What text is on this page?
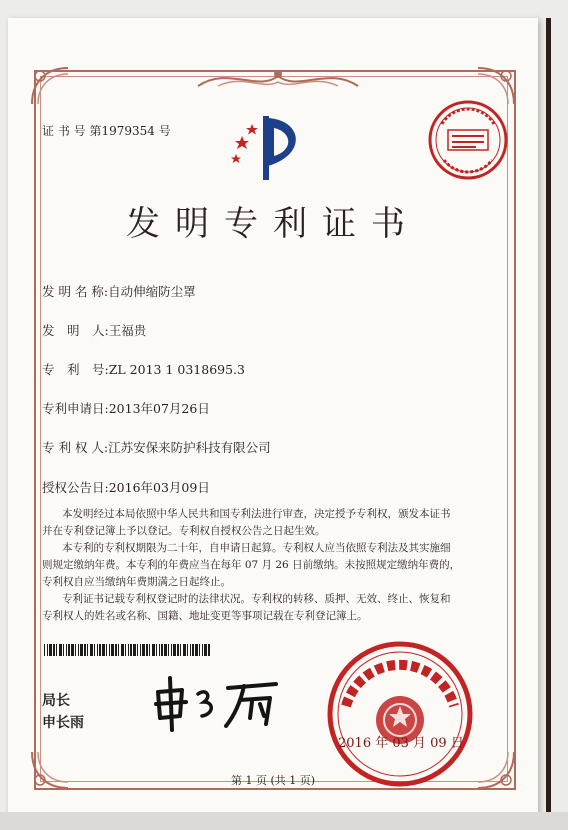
证 书 号 第1979354 号
发明专利证书
发 明 名 称:自动伸缩防尘罩
发　明　人:王福贵
专　利　号:ZL 2013 1 0318695.3
专利申请日:2013年07月26日
专 利 权 人:江苏安保来防护科技有限公司
授权公告日:2016年03月09日
本发明经过本局依照中华人民共和国专利法进行审查，决定授予专利权，颁发本证书
并在专利登记簿上予以登记。专利权自授权公告之日起生效。
本专利的专利权期限为二十年，自申请日起算。专利权人应当依照专利法及其实施细
则规定缴纳年费。本专利的年费应当在每年 07 月 26 日前缴纳。未按照规定缴纳年费的，
专利权自应当缴纳年费期满之日起终止。
专利证书记载专利权登记时的法律状况。专利权的转移、质押、无效、终止、恢复和
专利权人的姓名或名称、国籍、地址变更等事项记载在专利登记簿上。
局长
申长雨
2016 年 03 月 09 日
第 1 页 (共 1 页)
